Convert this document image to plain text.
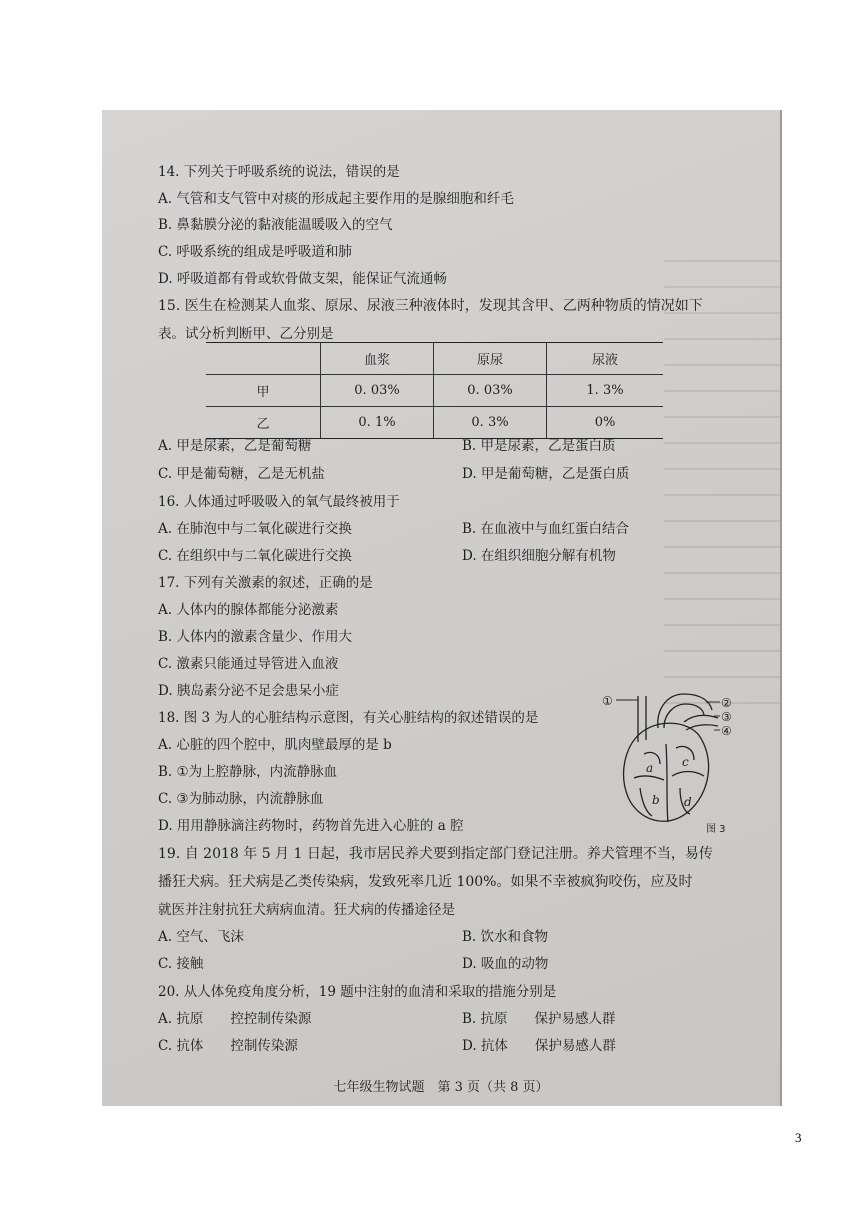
14. 下列关于呼吸系统的说法，错误的是
A. 气管和支气管中对痰的形成起主要作用的是腺细胞和纤毛
B. 鼻黏膜分泌的黏液能温暖吸入的空气
C. 呼吸系统的组成是呼吸道和肺
D. 呼吸道都有骨或软骨做支架，能保证气流通畅
15. 医生在检测某人血浆、原尿、尿液三种液体时，发现其含甲、乙两种物质的情况如下
表。试分析判断甲、乙分别是
	血浆	原尿	尿液
甲	0. 03%	0. 03%	1. 3%
乙	0. 1%	0. 3%	0%
A. 甲是尿素，乙是葡萄糖	B. 甲是尿素，乙是蛋白质
C. 甲是葡萄糖，乙是无机盐	D. 甲是葡萄糖，乙是蛋白质
16. 人体通过呼吸吸入的氧气最终被用于
A. 在肺泡中与二氧化碳进行交换	B. 在血液中与血红蛋白结合
C. 在组织中与二氧化碳进行交换	D. 在组织细胞分解有机物
17. 下列有关激素的叙述，正确的是
A. 人体内的腺体都能分泌激素
B. 人体内的激素含量少、作用大
C. 激素只能通过导管进入血液
D. 胰岛素分泌不足会患呆小症
18. 图 3 为人的心脏结构示意图，有关心脏结构的叙述错误的是
A. 心脏的四个腔中，肌肉壁最厚的是 b
B. ①为上腔静脉，内流静脉血
C. ③为肺动脉，内流静脉血
D. 用用静脉滴注药物时，药物首先进入心脏的 a 腔
①	②
③
④
a c
b d
图 3
19. 自 2018 年 5 月 1 日起，我市居民养犬要到指定部门登记注册。养犬管理不当，易传
播狂犬病。狂犬病是乙类传染病，发致死率几近 100%。如果不幸被疯狗咬伤，应及时
就医并注射抗狂犬病病血清。狂犬病的传播途径是
A. 空气、飞沫	B. 饮水和食物
C. 接触	D. 吸血的动物
20. 从人体免疫角度分析，19 题中注射的血清和采取的措施分别是
A. 抗原　　控控制传染源	B. 抗原　　保护易感人群
C. 抗体　　控制传染源	D. 抗体　　保护易感人群
七年级生物试题　第 3 页（共 8 页）
3
